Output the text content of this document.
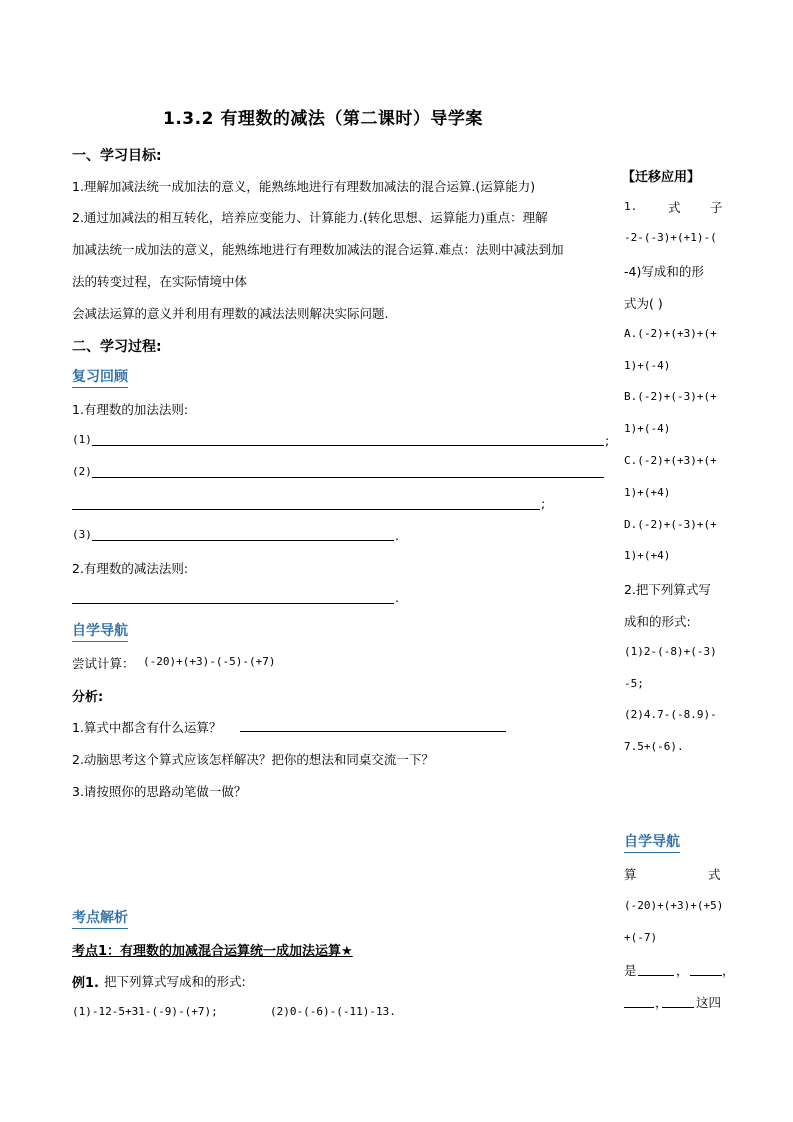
1.3.2 有理数的减法（第二课时）导学案
一、学习目标:
1.理解加减法统一成加法的意义，能熟练地进行有理数加减法的混合运算.(运算能力)
2.通过加减法的相互转化，培养应变能力、计算能力.(转化思想、运算能力)重点：理解
加减法统一成加法的意义，能熟练地进行有理数加减法的混合运算.难点：法则中减法到加
法的转变过程，在实际情境中体
会减法运算的意义并利用有理数的减法法则解决实际问题.
二、学习过程:
复习回顾
1.有理数的加法法则:
(1)	;
(2)
;
(3)	.
2.有理数的减法法则:
.
自学导航
尝试计算： (-20)+(+3)-(-5)-(+7)
分析:
1.算式中都含有什么运算？
2.动脑思考这个算式应该怎样解决？把你的想法和同桌交流一下？
3.请按照你的思路动笔做一做？
考点解析
考点1：有理数的加减混合运算统一成加法运算★
例1. 把下列算式写成和的形式:
(1)-12-5+31-(-9)-(+7);	(2)0-(-6)-(-11)-13.
【迁移应用】
1. 式 子
-2-(-3)+(+1)-(
-4)写成和的形
式为( )
A.(-2)+(+3)+(+
1)+(-4)
B.(-2)+(-3)+(+
1)+(-4)
C.(-2)+(+3)+(+
1)+(+4)
D.(-2)+(-3)+(+
1)+(+4)
2.把下列算式写
成和的形式:
(1)2-(-8)+(-3)
-5;
(2)4.7-(-8.9)-
7.5+(-6).
自学导航
算	式
(-20)+(+3)+(+5)
+(-7)
是	，	，
， 这四
